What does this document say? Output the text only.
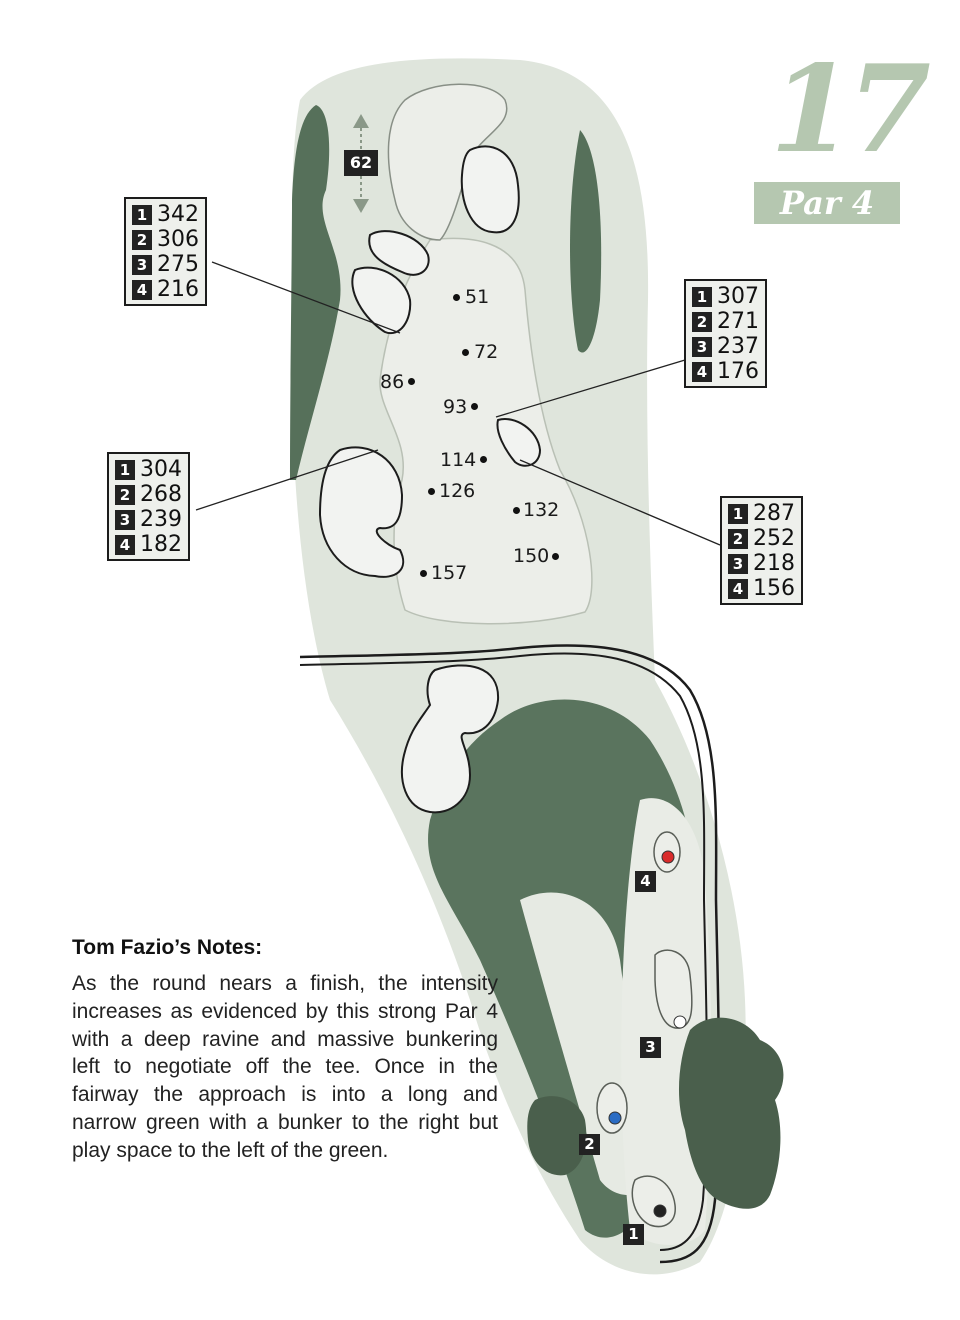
17
Par 4
62
1 342
2 306
3 275
4 216
1 304
2 268
3 239
4 182
1 307
2 271
3 237
4 176
1 287
2 252
3 218
4 156
51
72
86
93
114
126
132
150
157
4
3
2
1
Tom Fazio’s Notes:
As the round nears a finish, the intensity increases as evidenced by this strong Par 4 with a deep ravine and massive bunkering left to negotiate off the tee. Once in the fairway the approach is into a long and narrow green with a bunker to the right but play space to the left of the green.
